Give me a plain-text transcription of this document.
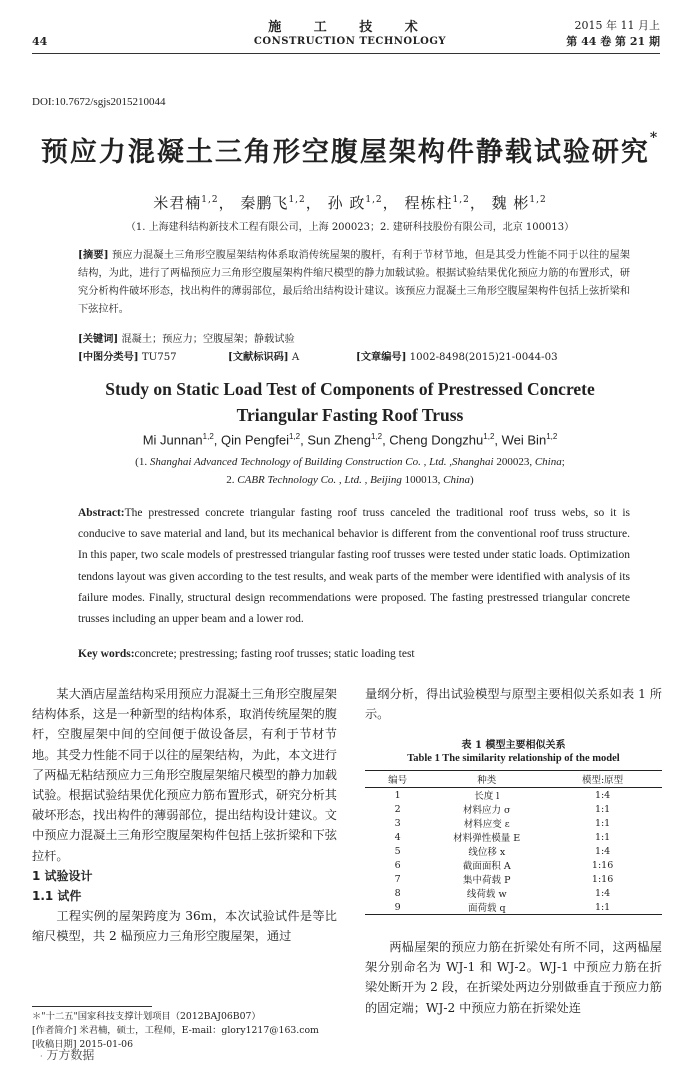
施 工 技 术
CONSTRUCTION TECHNOLOGY
44
2015 年 11 月上
第 44 卷 第 21 期
DOI:10.7672/sgjs2015210044
预应力混凝土三角形空腹屋架构件静载试验研究*
米君楠$^{1,2}$， 秦鹏飞$^{1,2}$， 孙 政$^{1,2}$， 程栋柱$^{1,2}$， 魏 彬$^{1,2}$
（1. 上海建科结构新技术工程有限公司，上海 200023；2. 建研科技股份有限公司，北京 100013）
[摘要] 预应力混凝土三角形空腹屋架结构体系取消传统屋架的腹杆，有利于节材节地，但是其受力性能不同于以往的屋架结构，为此，进行了两榀预应力三角形空腹屋架构件缩尺模型的静力加载试验。根据试验结果优化预应力筋的布置形式，研究分析构件破坏形态，找出构件的薄弱部位，最后给出结构设计建议。该预应力混凝土三角形空腹屋架构件包括上弦折梁和下弦拉杆。
[关键词] 混凝土；预应力；空腹屋架；静载试验
[中图分类号] TU757	[文献标识码] A	[文章编号] 1002-8498(2015)21-0044-03
Study on Static Load Test of Components of Prestressed Concrete
Triangular Fasting Roof Truss
Mi Junnan$^{1,2}$, Qin Pengfei$^{1,2}$, Sun Zheng$^{1,2}$, Cheng Dongzhu$^{1,2}$, Wei Bin$^{1,2}$
(1. Shanghai Advanced Technology of Building Construction Co. , Ltd. ,Shanghai 200023, China;
2. CABR Technology Co. , Ltd. , Beijing 100013, China)
Abstract:The prestressed concrete triangular fasting roof truss canceled the traditional roof truss webs, so it is conducive to save material and land, but its mechanical behavior is different from the conventional roof truss structure. In this paper, two scale models of prestressed triangular fasting roof trusses were tested under static loads. Optimization tendons layout was given according to the test results, and weak parts of the member were identified with analysis of its failure modes. Finally, structural design recommendations were proposed. The fasting prestressed triangular concrete trusses including an upper beam and a lower rod.
Key words:concrete; prestressing; fasting roof trusses; static loading test

某大酒店屋盖结构采用预应力混凝土三角形空腹屋架结构体系，这是一种新型的结构体系，取消传统屋架的腹杆，空腹屋架中间的空间便于做设备层，有利于节材节地。其受力性能不同于以往的屋架结构，为此，本文进行了两榀无粘结预应力三角形空腹屋架缩尺模型的静力加载试验。根据试验结果优化预应力筋布置形式，研究分析其破坏形态，找出构件的薄弱部位，提出结构设计建议。文中预应力混凝土三角形空腹屋架构件包括上弦折梁和下弦拉杆。

1 试验设计
1.1 试件

工程实例的屋架跨度为 36m，本次试验试件是等比缩尺模型，共 2 榀预应力三角形空腹屋架，通过

量纲分析，得出试验模型与原型主要相似关系如表 1 所示。
表 1 模型主要相似关系
Table 1 The similarity relationship of the model
编号	种类	模型:原型
1	长度 l	1:4
2	材料应力 σ	1:1
3	材料应变 ε	1:1
4	材料弹性模量 E	1:1
5	线位移 x	1:4
6	截面面积 A	1:16
7	集中荷载 P	1:16
8	线荷载 w	1:4
9	面荷载 q	1:1
两榀屋架的预应力筋在折梁处有所不同，这两榀屋架分别命名为 WJ-1 和 WJ-2。WJ-1 中预应力筋在折梁处断开为 2 段，在折梁处两边分别做垂直于预应力筋的固定端；WJ-2 中预应力筋在折梁处连
＊"十二五"国家科技支撑计划项目（2012BAJ06B07）
[作者简介] 米君楠，硕士，工程师，E-mail：glory1217@163.com
[收稿日期] 2015-01-06
· 万方数据
